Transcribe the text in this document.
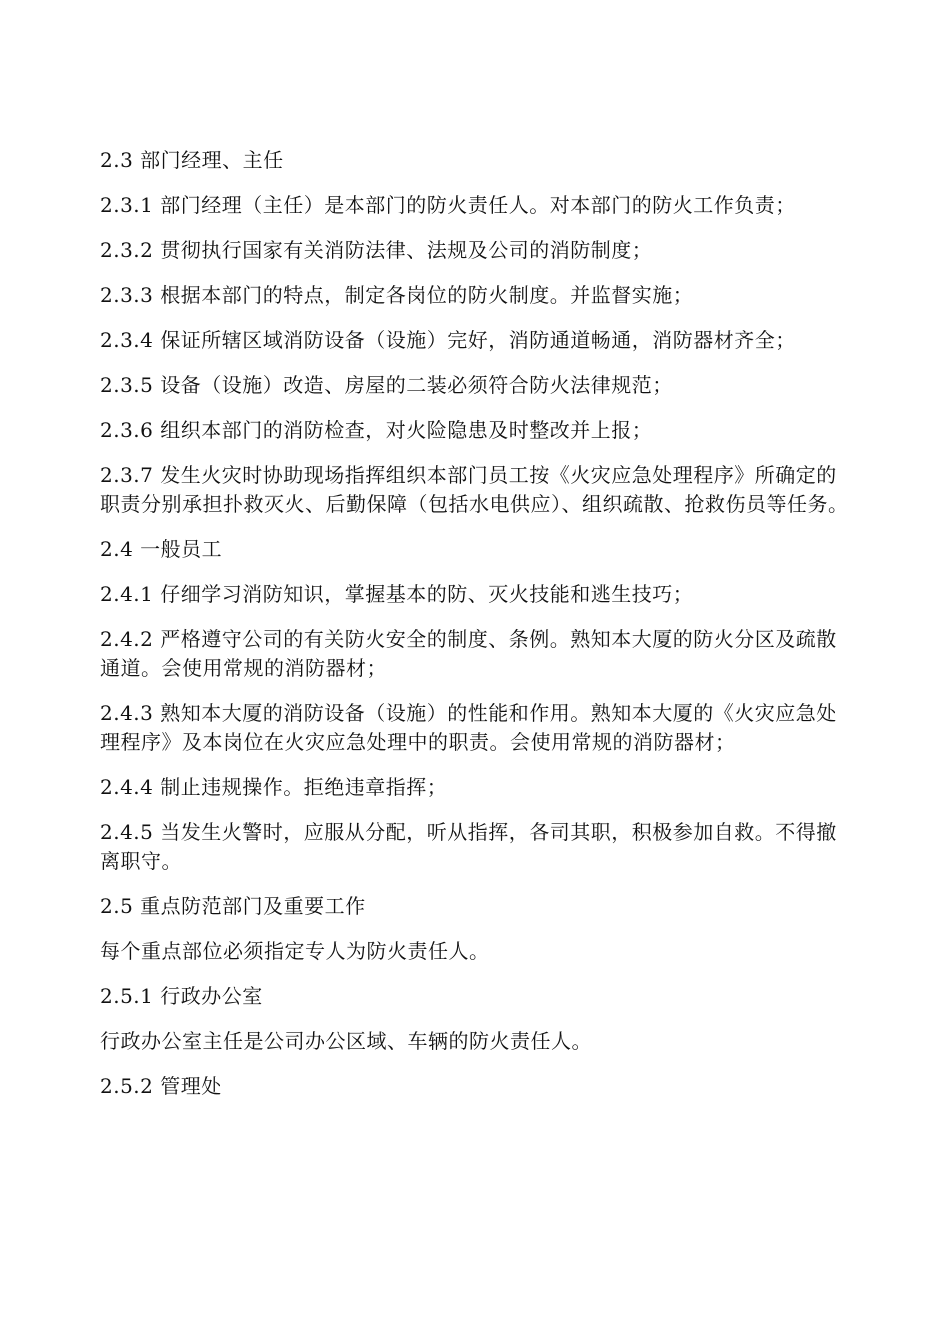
2.3 部门经理、主任

2.3.1 部门经理（主任）是本部门的防火责任人。对本部门的防火工作负责；

2.3.2 贯彻执行国家有关消防法律、法规及公司的消防制度；

2.3.3 根据本部门的特点，制定各岗位的防火制度。并监督实施；

2.3.4 保证所辖区域消防设备（设施）完好，消防通道畅通，消防器材齐全；

2.3.5 设备（设施）改造、房屋的二装必须符合防火法律规范；

2.3.6 组织本部门的消防检查，对火险隐患及时整改并上报；

2.3.7 发生火灾时协助现场指挥组织本部门员工按《火灾应急处理程序》所确定的职责分别承担扑救灭火、后勤保障（包括水电供应）、组织疏散、抢救伤员等任务。

2.4 一般员工

2.4.1 仔细学习消防知识，掌握基本的防、灭火技能和逃生技巧；

2.4.2 严格遵守公司的有关防火安全的制度、条例。熟知本大厦的防火分区及疏散通道。会使用常规的消防器材；

2.4.3 熟知本大厦的消防设备（设施）的性能和作用。熟知本大厦的《火灾应急处理程序》及本岗位在火灾应急处理中的职责。会使用常规的消防器材；

2.4.4 制止违规操作。拒绝违章指挥；

2.4.5 当发生火警时，应服从分配，听从指挥，各司其职，积极参加自救。不得撤离职守。

2.5 重点防范部门及重要工作

每个重点部位必须指定专人为防火责任人。

2.5.1 行政办公室

行政办公室主任是公司办公区域、车辆的防火责任人。

2.5.2 管理处
